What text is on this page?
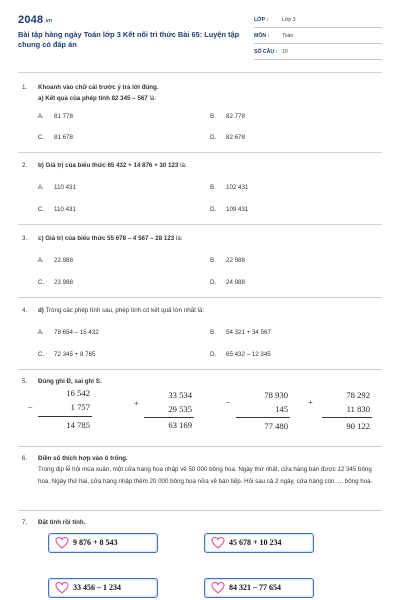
2048.vn
Bài tập hàng ngày Toán lớp 3 Kết nối tri thức Bài 65: Luyện tập chung có đáp án
LỚP :	Lớp 3
MÔN : Toán
SỐ CÂU : 10
1. Khoanh vào chữ cái trước ý trả lời đúng.
a) Kết quả của phép tính 82 345 – 567 là:
A. 81 778	B. 82 778
C. 81 678	D. 82 678
2. b) Giá trị của biểu thức 65 432 + 14 876 + 30 123 là:
A. 110 431	B. 102 431
C. 110 431	D. 109 431
3. c) Giá trị của biểu thức 55 678 – 4 567 – 28 123 là:
A. 22 988	B. 22 988
C. 23 988	D. 24 988
4. d) Trong các phép tính sau, phép tính có kết quả lớn nhất là:
A. 78 654 – 15 432	B. 54 321 + 34 567
C. 72 345 + 8 765	D. 65 432 – 12 345
5. Đúng ghi Đ, sai ghi S.
–
16 542
1 757
14 785
+
33 534
29 535
63 169
–
78 930
145
77 480
+
78 292
11 830
90 122
6. Điền số thích hợp vào ô trống.
Trong dịp lễ hội mùa xuân, một cửa hàng hoa nhập về 50 000 bông hoa. Ngày thứ nhất, cửa hàng bán được 12 345 bông hoa. Ngày thứ hai, cửa hàng nhập thêm 20 000 bông hoa nữa về bán tiếp. Hỏi sau cả 2 ngày, cửa hàng còn .... bông hoa.
7. Đặt tính rồi tính.
9 876 + 8 543	45 678 + 10 234
33 456 – 1 234	84 321 – 77 654
